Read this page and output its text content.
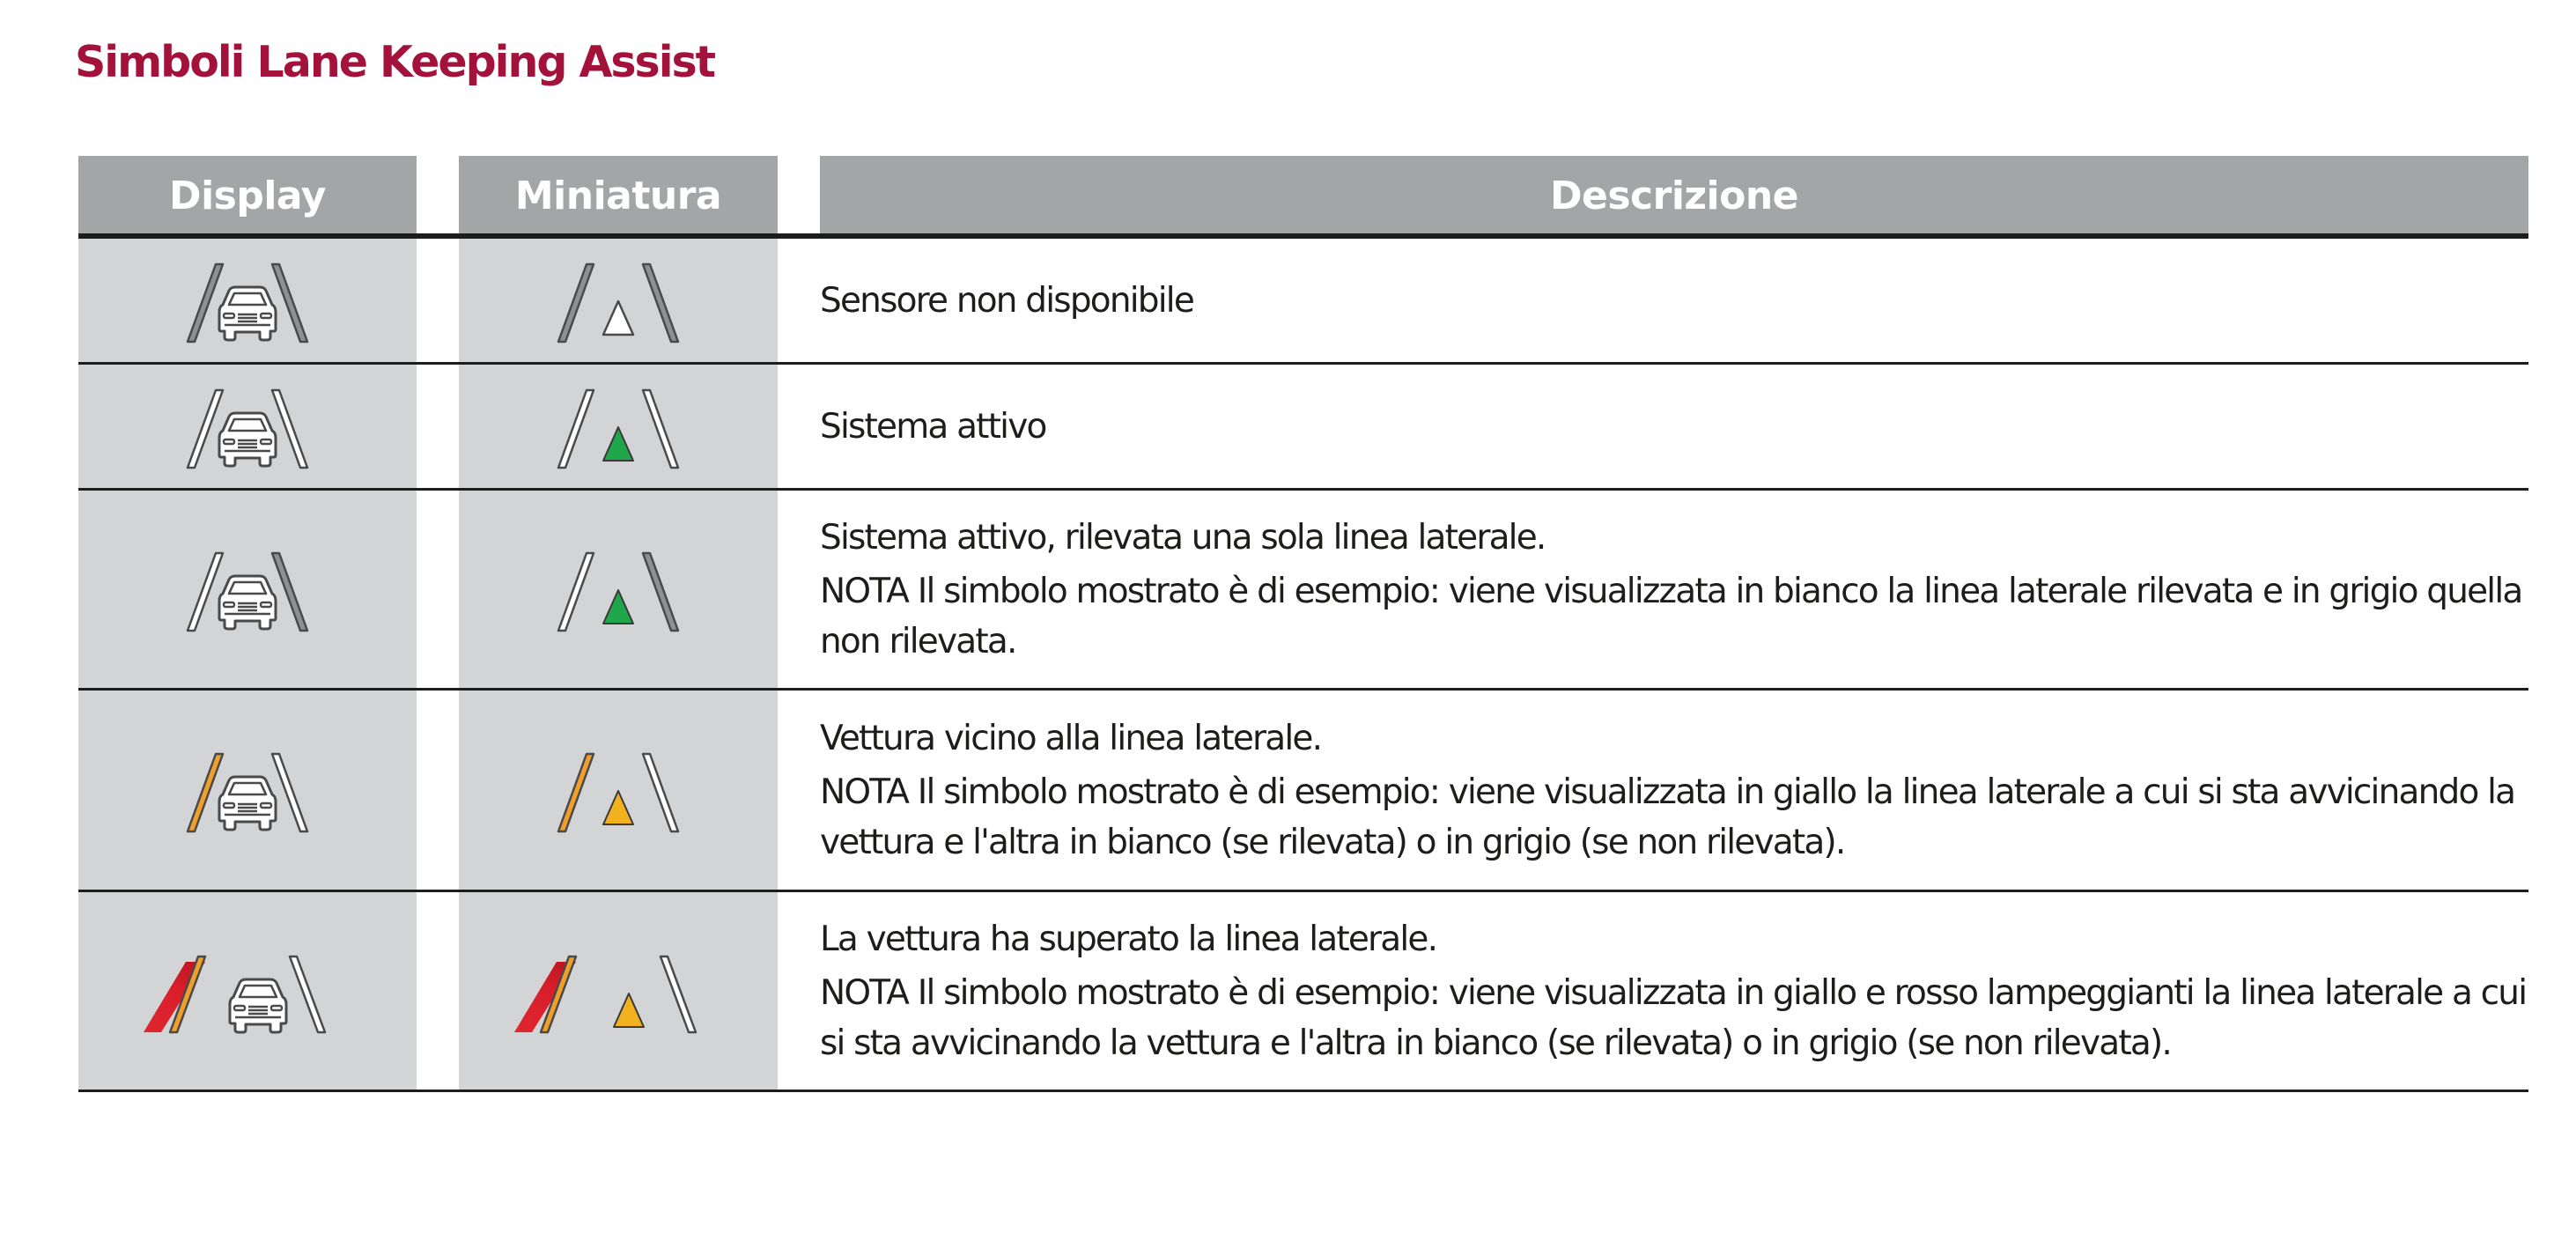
Simboli Lane Keeping Assist
Display	Miniatura	Descrizione

Sensore non disponibile

Sistema attivo

Sistema attivo, rilevata una sola linea laterale.

NOTA Il simbolo mostrato è di esempio: viene visualizzata in bianco la linea laterale rilevata e in grigio quella non rilevata.

Vettura vicino alla linea laterale.

NOTA Il simbolo mostrato è di esempio: viene visualizzata in giallo la linea laterale a cui si sta avvicinando la vettura e l'altra in bianco (se rilevata) o in grigio (se non rilevata).

La vettura ha superato la linea laterale.

NOTA Il simbolo mostrato è di esempio: viene visualizzata in giallo e rosso lampeggianti la linea laterale a cui si sta avvicinando la vettura e l'altra in bianco (se rilevata) o in grigio (se non rilevata).
